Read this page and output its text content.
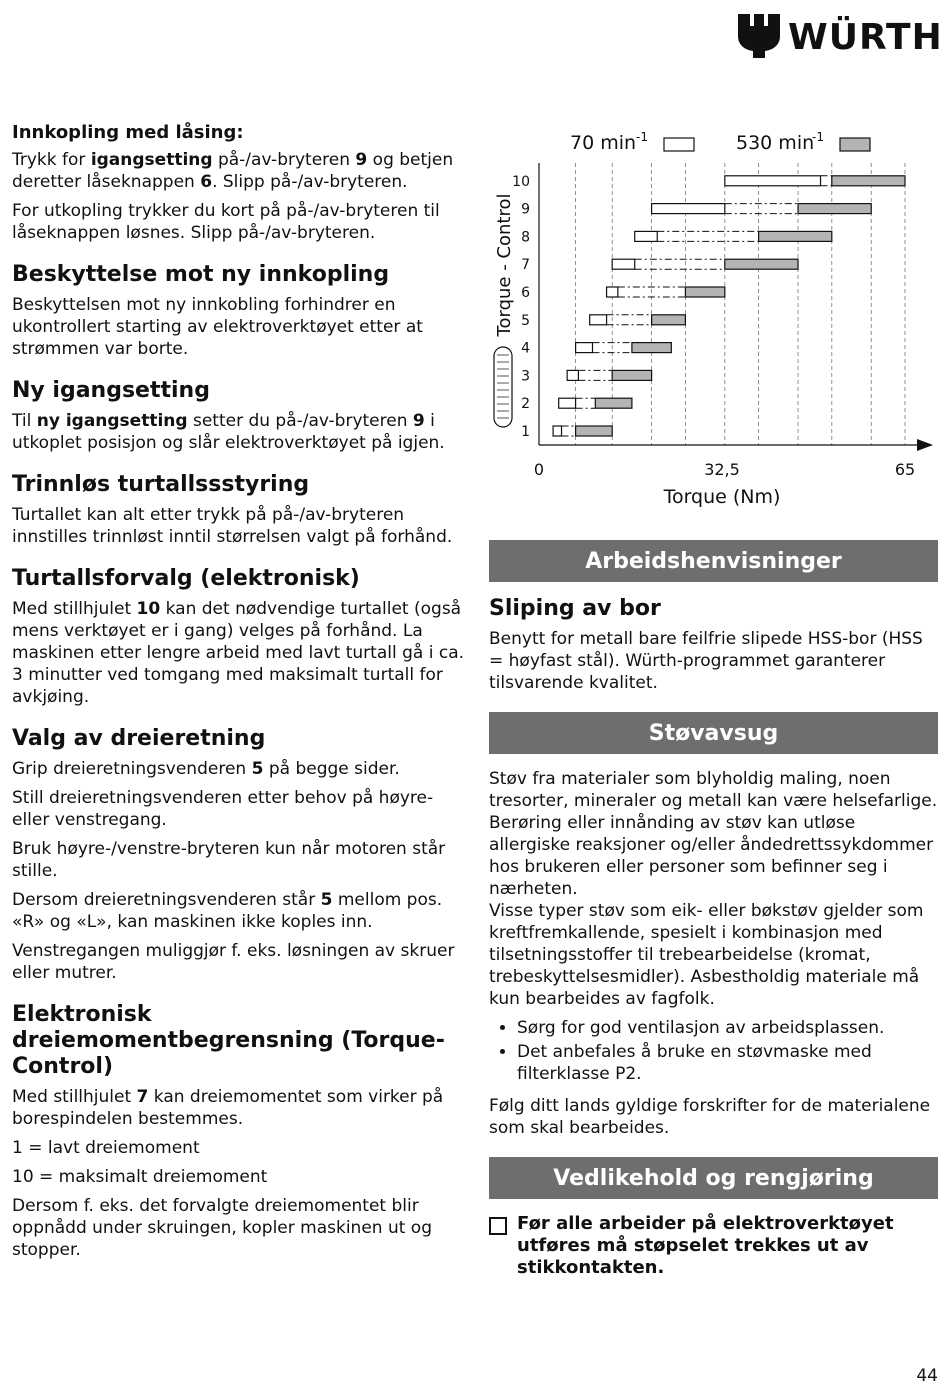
WÜRTH
Innkopling med låsing:

Trykk for igangsetting på-/av-bryteren 9 og betjen deretter låseknappen 6. Slipp på-/av-bryteren.

For utkopling trykker du kort på på-/av-bryteren til låseknappen løsnes. Slipp på-/av-bryteren.

Beskyttelse mot ny innkopling

Beskyttelsen mot ny innkobling forhindrer en ukontrollert starting av elektroverktøyet etter at strømmen var borte.

Ny igangsetting

Til ny igangsetting setter du på-/av-bryteren 9 i utkoplet posisjon og slår elektroverktøyet på igjen.

Trinnløs turtallssstyring

Turtallet kan alt etter trykk på på-/av-bryteren innstilles trinnløst inntil størrelsen valgt på forhånd.

Turtallsforvalg (elektronisk)

Med stillhjulet 10 kan det nødvendige turtallet (også mens verktøyet er i gang) velges på forhånd. La maskinen etter lengre arbeid med lavt turtall gå i ca. 3 minutter ved tomgang med maksimalt turtall for avkjøing.

Valg av dreieretning

Grip dreieretningsvenderen 5 på begge sider.

Still dreieretningsvenderen etter behov på høyre- eller venstregang.

Bruk høyre-/venstre-bryteren kun når motoren står stille.

Dersom dreieretningsvenderen står 5 mellom pos. «R» og «L», kan maskinen ikke koples inn.

Venstregangen muliggjør f. eks. løsningen av skruer eller mutrer.

Elektronisk dreiemomentbegrensning (Torque-Control)

Med stillhjulet 7 kan dreiemomentet som virker på borespindelen bestemmes.

1 = lavt dreiemoment

10 = maksimalt dreiemoment

Dersom f. eks. det forvalgte dreiemomentet blir oppnådd under skruingen, kopler maskinen ut og stopper.

1
2
3
4
5
6
7
8
9
10
0	32,5	65
Torque (Nm)
Torque - Control
70 min -1	530 min
-1
Arbeidshenvisninger
Sliping av bor

Benytt for metall bare feilfrie slipede HSS-bor (HSS = høyfast stål). Würth-programmet garanterer tilsvarende kvalitet.

Støvavsug

Støv fra materialer som blyholdig maling, noen tresorter, mineraler og metall kan være helsefarlige. Berøring eller innånding av støv kan utløse allergiske reaksjoner og/eller åndedrettssykdommer hos brukeren eller personer som befinner seg i nærheten.

Visse typer støv som eik- eller bøkstøv gjelder som kreftfremkallende, spesielt i kombinasjon med tilsetningsstoffer til trebearbeidelse (kromat, trebeskyttelsesmidler). Asbestholdig materiale må kun bearbeides av fagfolk.

• Sørg for god ventilasjon av arbeidsplassen.
• Det anbefales å bruke en støvmaske med filterklasse P2.

Følg ditt lands gyldige forskrifter for de materialene som skal bearbeides.

Vedlikehold og rengjøring
Før alle arbeider på elektroverktøyet utføres må støpselet trekkes ut av stikkontakten.
44
